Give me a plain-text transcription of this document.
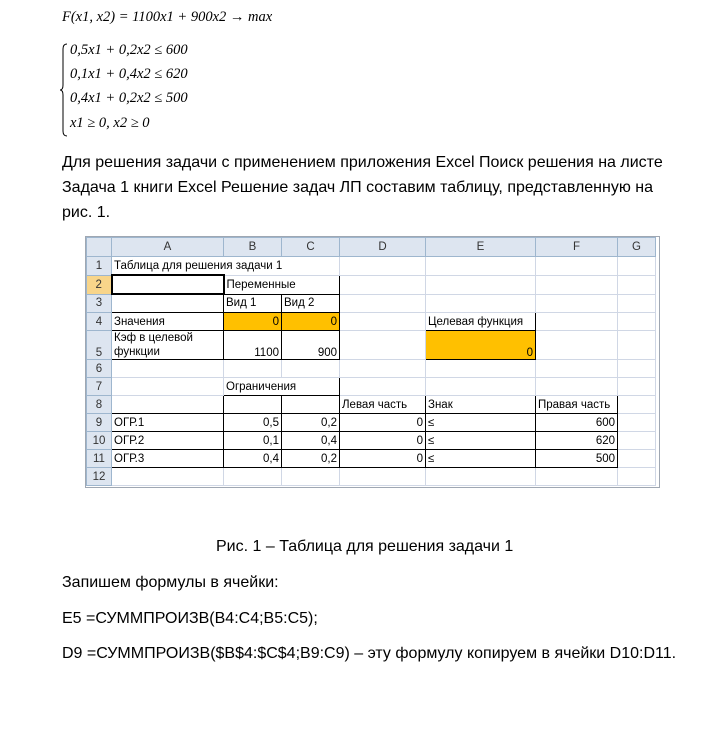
F(x1, x2) = 1100x1 + 900x2 → max
0,5x1 + 0,2x2 ≤ 600
0,1x1 + 0,4x2 ≤ 620
0,4x1 + 0,2x2 ≤ 500
x1 ≥ 0, x2 ≥ 0
Для решения задачи с применением приложения Excel Поиск решения на листе Задача 1 книги Excel Решение задач ЛП составим таблицу, представленную на рис. 1.
	A	B	C	D	E	F	G
1	Таблица для решения задачи 1						
2		Переменные					
3		Вид 1	Вид 2				
4	Значения	0	0		Целевая функция		
5	Кэф в целевой функции	1100	900		0		
6							
7		Ограничения					
8				Левая часть	Знак	Правая часть	
9	ОГР.1	0,5	0,2	0	≤	600	
10	ОГР.2	0,1	0,4	0	≤	620	
11	ОГР.3	0,4	0,2	0	≤	500	
12							
Рис. 1 – Таблица для решения задачи 1
Запишем формулы в ячейки:
E5 =СУММПРОИЗВ(B4:C4;B5:C5);
D9 =СУММПРОИЗВ($B$4:$C$4;B9:C9) – эту формулу копируем в ячейки D10:D11.
